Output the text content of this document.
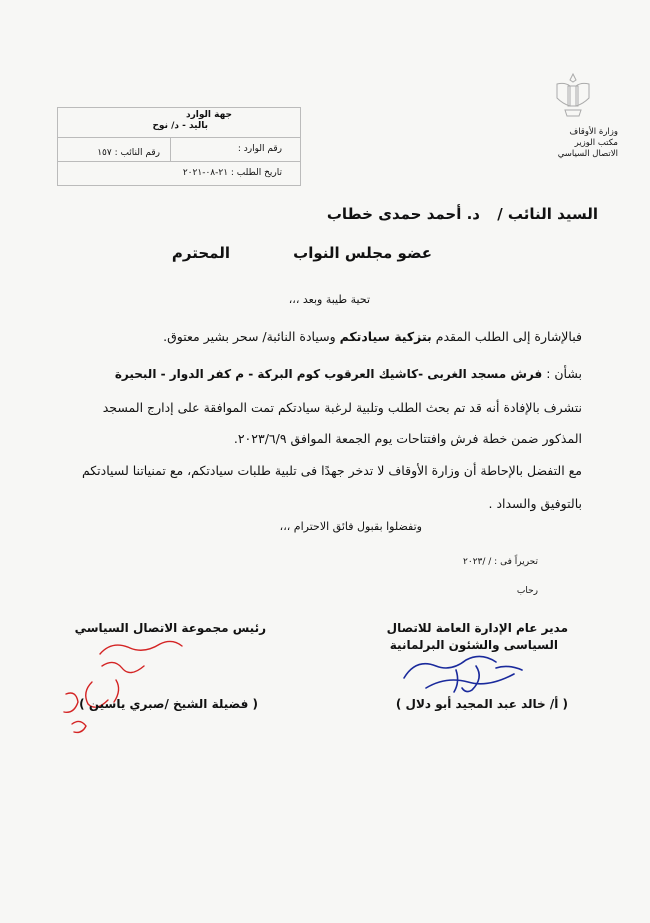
وزارة الأوقاف
مكتب الوزير
الاتصال السياسي
جهة الوارد
باليد - د/ نوح
رقم الوارد :
رقم النائب : ١٥٧
تاريخ الطلب : ٢١-٠٨-٢٠٢١
السيد النائب /
د. أحمد حمدى خطاب
عضو مجلس النواب
المحترم
تحية طيبة وبعد ،،،
فبالإشارة إلى الطلب المقدم بتزكية سيادتكم وسيادة النائبة/ سحر بشير معتوق.
بشأن : فرش مسجد الغربى -كاشيك العرقوب كوم البركة - م كفر الدوار - البحيرة
نتشرف بالإفادة أنه قد تم بحث الطلب وتلبية لرغبة سيادتكم تمت الموافقة على إدارج المسجد
المذكور ضمن خطة فرش وافتتاحات يوم الجمعة الموافق ٢٠٢٣/٦/٩.
مع التفضل بالإحاطة أن وزارة الأوقاف لا تدخر جهدًا فى تلبية طلبات سيادتكم، مع تمنياتنا لسيادتكم
بالتوفيق والسداد .
وتفضلوا بقبول فائق الاحترام ،،،
تحريراً فى : / /٢٠٢٣
رحاب
مدير عام الإدارة العامة للاتصال
السياسى والشئون البرلمانية
( أ/ خالد عبد المجيد أبو دلال )
رئيس مجموعة الاتصال السياسي
( فضيلة الشيخ /صبري ياسين )
